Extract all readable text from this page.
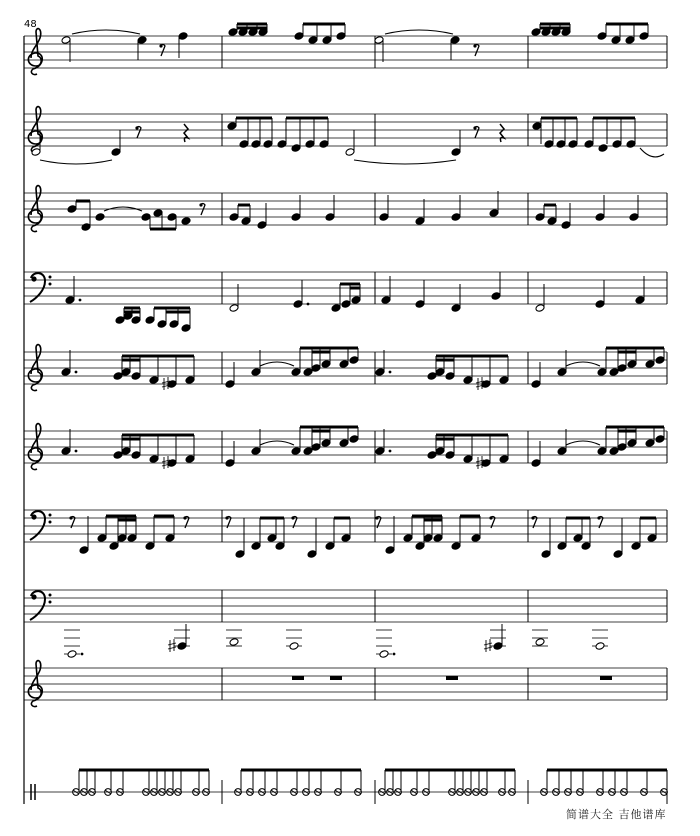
48
简谱大全 吉他谱库
